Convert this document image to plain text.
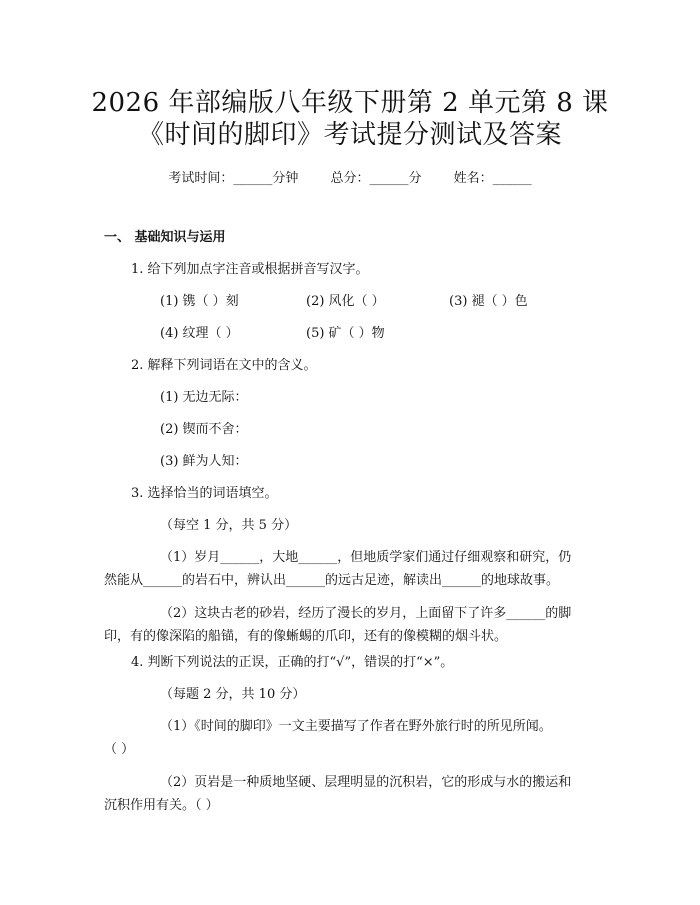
2026 年部编版八年级下册第 2 单元第 8 课
《时间的脚印》考试提分测试及答案
考试时间：______分钟 总分：______分 姓名：______
一、 基础知识与运用
1. 给下列加点字注音或根据拼音写汉字。
(1) 镌（ ）刻	(2) 风化（ ）	(3) 褪（ ）色
(4) 纹理（ ）	(5) 矿（ ）物
2. 解释下列词语在文中的含义。
(1) 无边无际：
(2) 锲而不舍：
(3) 鲜为人知：
3. 选择恰当的词语填空。
（每空 1 分，共 5 分）
（1）岁月______，大地______，但地质学家们通过仔细观察和研究，仍
然能从______的岩石中，辨认出______的远古足迹，解读出______的地球故事。
（2）这块古老的砂岩，经历了漫长的岁月，上面留下了许多______的脚
印，有的像深陷的船锚，有的像蜥蜴的爪印，还有的像模糊的烟斗状。
4. 判断下列说法的正误，正确的打“√”，错误的打“×”。
（每题 2 分，共 10 分）
（1）《时间的脚印》一文主要描写了作者在野外旅行时的所见所闻。
（ ）
（2）页岩是一种质地坚硬、层理明显的沉积岩，它的形成与水的搬运和
沉积作用有关。（ ）
